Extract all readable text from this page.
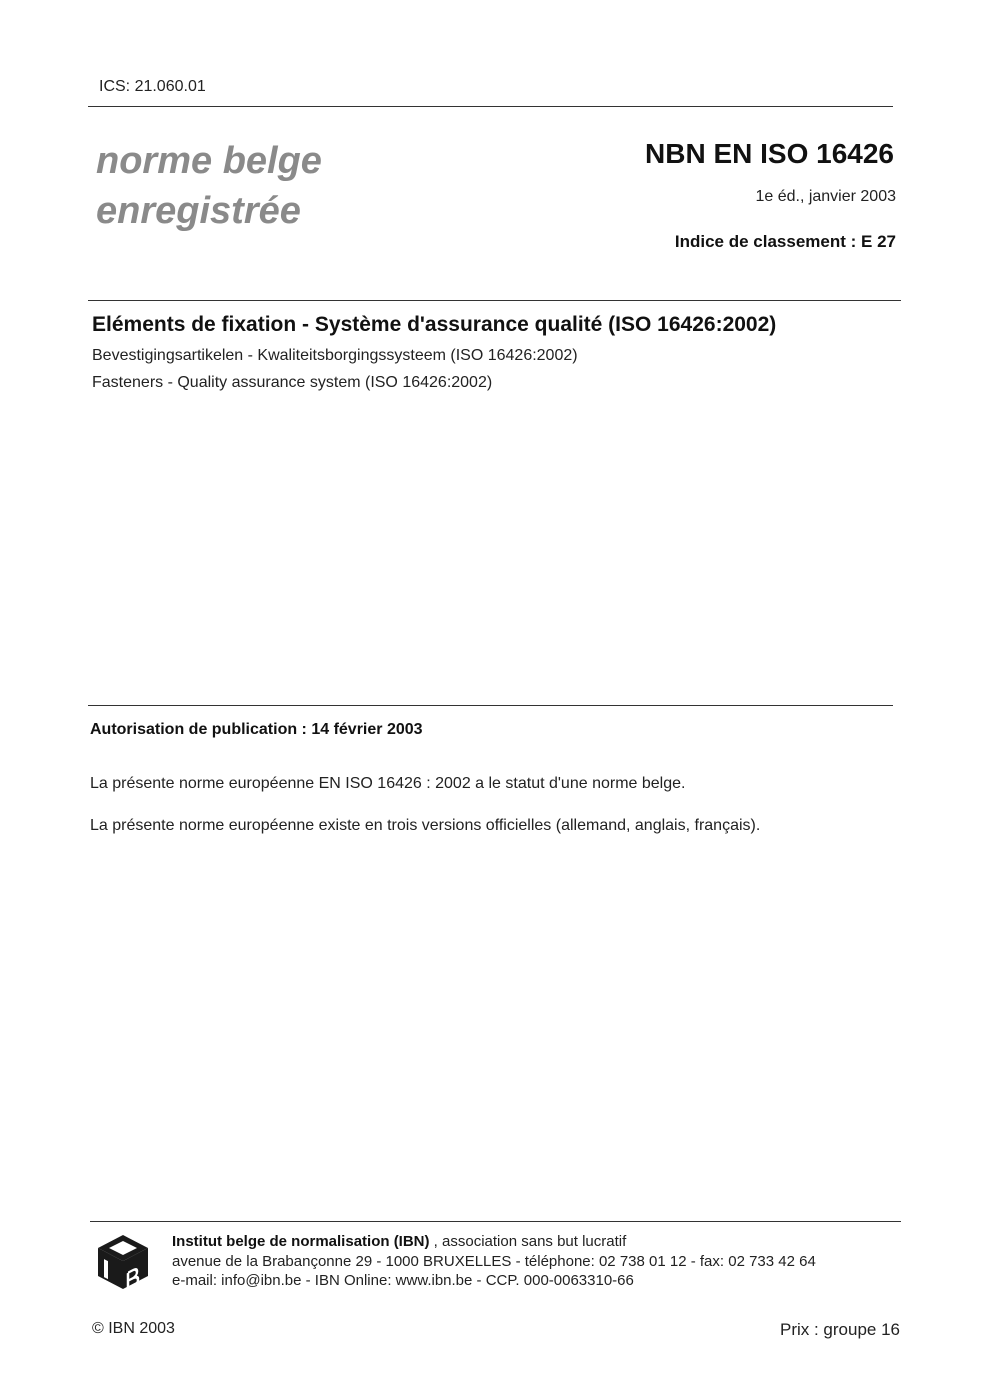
ICS: 21.060.01
norme belge
enregistrée
NBN EN ISO 16426
1e éd., janvier 2003
Indice de classement : E 27
Eléments de fixation - Système d'assurance qualité (ISO 16426:2002)
Bevestigingsartikelen - Kwaliteitsborgingssysteem (ISO 16426:2002)
Fasteners - Quality assurance system (ISO 16426:2002)
Autorisation de publication : 14 février 2003
La présente norme européenne EN ISO 16426 : 2002 a le statut d'une norme belge.
La présente norme européenne existe en trois versions officielles (allemand, anglais, français).
Institut belge de normalisation (IBN) , association sans but lucratif
avenue de la Brabançonne 29 - 1000 BRUXELLES - téléphone: 02 738 01 12 - fax: 02 733 42 64
e-mail: info@ibn.be - IBN Online: www.ibn.be - CCP. 000-0063310-66
© IBN 2003	Prix : groupe 16
